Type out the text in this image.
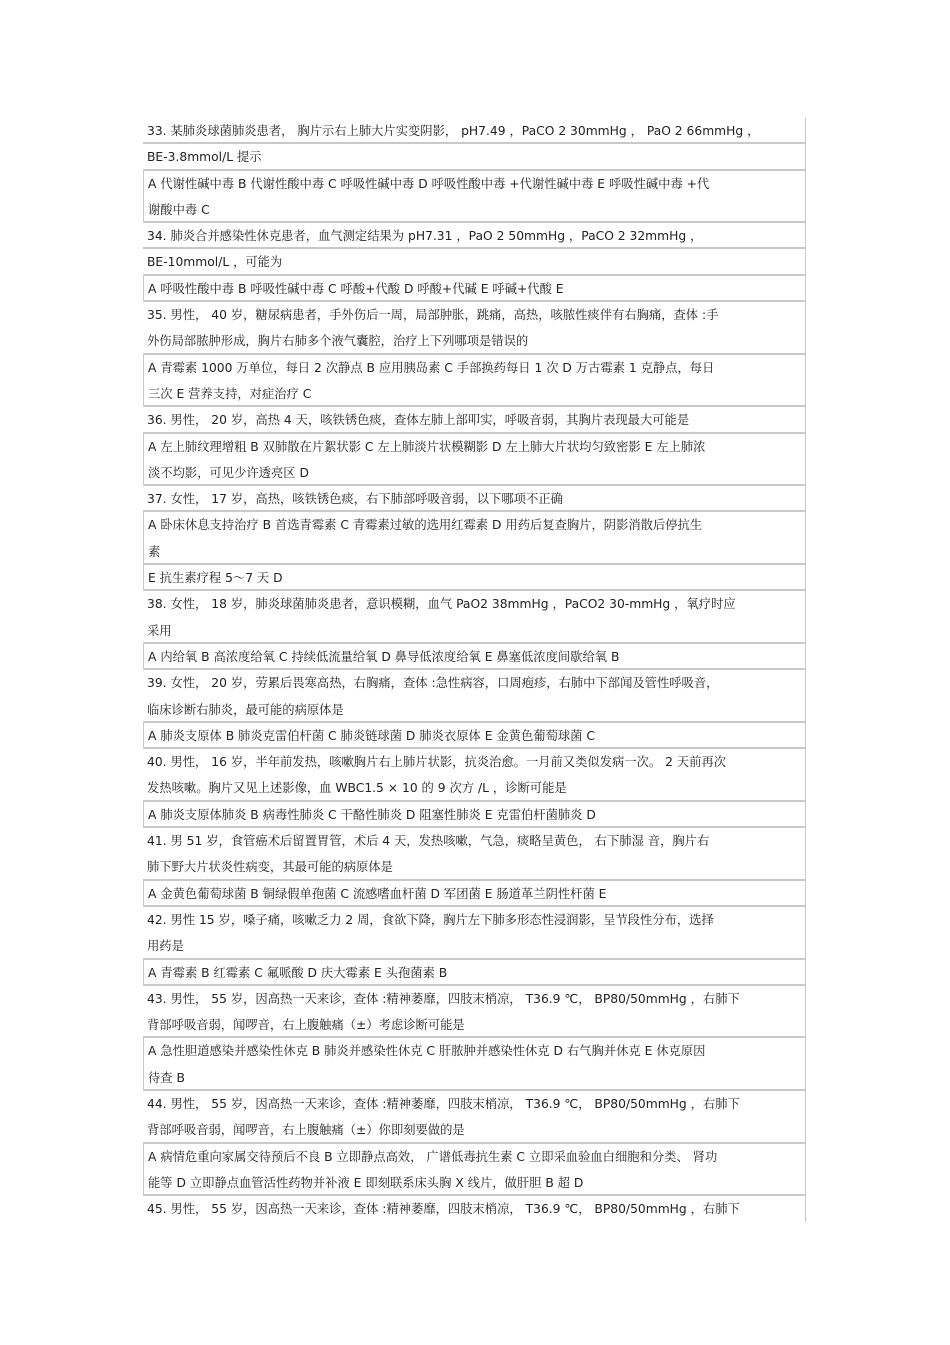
33. 某肺炎球菌肺炎患者， 胸片示右上肺大片实变阴影， pH7.49 ，PaCO 2 30mmHg ， PaO 2 66mmHg ，
BE-3.8mmol/L 提示
A 代谢性碱中毒 B 代谢性酸中毒 C 呼吸性碱中毒 D 呼吸性酸中毒 +代谢性碱中毒 E 呼吸性碱中毒 +代
谢酸中毒 C
34. 肺炎合并感染性休克患者，血气测定结果为 pH7.31 ，PaO 2 50mmHg ，PaCO 2 32mmHg ，
BE-10mmol/L ，可能为
A 呼吸性酸中毒 B 呼吸性碱中毒 C 呼酸+代酸 D 呼酸+代碱 E 呼碱+代酸 E
35. 男性， 40 岁，糖尿病患者，手外伤后一周，局部肿胀，跳痛，高热，咳脓性痰伴有右胸痛，查体 :手
外伤局部脓肿形成，胸片右肺多个液气囊腔，治疗上下列哪项是错误的
A 青霉素 1000 万单位，每日 2 次静点 B 应用胰岛素 C 手部换药每日 1 次 D 万古霉素 1 克静点，每日
三次 E 营养支持，对症治疗 C
36. 男性， 20 岁，高热 4 天，咳铁锈色痰，查体左肺上部叩实，呼吸音弱，其胸片表现最大可能是
A 左上肺纹理增粗 B 双肺散在片絮状影 C 左上肺淡片状模糊影 D 左上肺大片状均匀致密影 E 左上肺浓
淡不均影，可见少许透亮区 D
37. 女性， 17 岁，高热，咳铁锈色痰，右下肺部呼吸音弱，以下哪项不正确
A 卧床休息支持治疗 B 首选青霉素 C 青霉素过敏的选用红霉素 D 用药后复查胸片，阴影消散后停抗生
素
E 抗生素疗程 5～7 天 D
38. 女性， 18 岁，肺炎球菌肺炎患者，意识模糊，血气 PaO2 38mmHg ，PaCO2 30-mmHg ，氧疗时应
采用
A 内给氧 B 高浓度给氧 C 持续低流量给氧 D 鼻导低浓度给氧 E 鼻塞低浓度间歇给氧 B
39. 女性， 20 岁，劳累后畏寒高热，右胸痛，查体 :急性病容，口周疱疹，右肺中下部闻及管性呼吸音，
临床诊断右肺炎，最可能的病原体是
A 肺炎支原体 B 肺炎克雷伯杆菌 C 肺炎链球菌 D 肺炎衣原体 E 金黄色葡萄球菌 C
40. 男性， 16 岁，半年前发热，咳嗽胸片右上肺片状影，抗炎治愈。一月前又类似发病一次。 2 天前再次
发热咳嗽。胸片又见上述影像，血 WBC1.5 × 10 的 9 次方 /L ，诊断可能是
A 肺炎支原体肺炎 B 病毒性肺炎 C 干酪性肺炎 D 阻塞性肺炎 E 克雷伯杆菌肺炎 D
41. 男 51 岁，食管癌术后留置胃管，术后 4 天，发热咳嗽，气急，痰略呈黄色， 右下肺湿 音，胸片右
肺下野大片状炎性病变，其最可能的病原体是
A 金黄色葡萄球菌 B 铜绿假单孢菌 C 流感嗜血杆菌 D 军团菌 E 肠道革兰阴性杆菌 E
42. 男性 15 岁，嗓子痛，咳嗽乏力 2 周，食欲下降，胸片左下肺多形态性浸润影，呈节段性分布，选择
用药是
A 青霉素 B 红霉素 C 氟哌酸 D 庆大霉素 E 头孢菌素 B
43. 男性， 55 岁，因高热一天来诊，查体 :精神萎靡，四肢末梢凉， T36.9 ℃， BP80/50mmHg ，右肺下
背部呼吸音弱，闻啰音，右上腹触痛（±）考虑诊断可能是
A 急性胆道感染并感染性休克 B 肺炎并感染性休克 C 肝脓肿并感染性休克 D 右气胸并休克 E 休克原因
待查 B
44. 男性， 55 岁，因高热一天来诊，查体 :精神萎靡，四肢末梢凉， T36.9 ℃， BP80/50mmHg ，右肺下
背部呼吸音弱，闻啰音，右上腹触痛（±）你即刻要做的是
A 病情危重向家属交待预后不良 B 立即静点高效， 广谱低毒抗生素 C 立即采血验血白细胞和分类、 肾功
能等 D 立即静点血管活性药物并补液 E 即刻联系床头胸 X 线片，做肝胆 B 超 D
45. 男性， 55 岁，因高热一天来诊，查体 :精神萎靡，四肢末梢凉， T36.9 ℃， BP80/50mmHg ，右肺下
